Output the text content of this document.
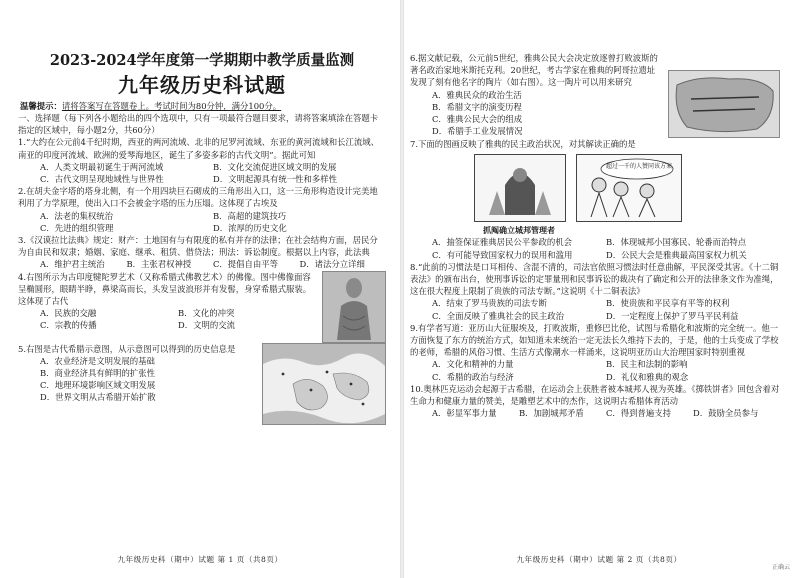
2023-2024学年度第一学期期中教学质量监测
九年级历史科试题
温馨提示：请将答案写在答题卷上。考试时间为80分钟，满分100分。
一、选择题（每下列各小题给出的四个选项中，只有一项最符合题目要求，请将答案填涂在答题卡指定的区域中，每小题2分，共60分）
1.“大约在公元前4千纪时期，西亚的两河流域、北非的尼罗河流域、东亚的黄河流域和长江流域、南亚的印度河流域、欧洲的爱琴海地区，诞生了多姿多彩的古代文明”。据此可知
A．人类文明最初诞生于两河流域	B．文化交流促进区域文明的发展
C．古代文明呈现地域性与世界性	D．文明起源具有统一性和多样性
2.在胡夫金字塔的塔身北侧，有一个用四块巨石砌成的三角形出入口，这一三角形构造设计完美地利用了力学原理，使出入口不会被金字塔的压力压塌。这体现了古埃及
A．法老的集权统治	B．高超的建筑技巧
C．先进的组织管理	D．浓厚的历史文化
3.《汉谟拉比法典》规定：财产：土地国有与有限度的私有并存的法律；在社会结构方面，居民分为自由民和奴隶；婚姻、家庭、继承、租赁、借贷法；刑法：诉讼制度。根据以上内容，此法典
A．维护君主统治	B．主张君权神授	C．提倡自由平等	D．诸法分立详细
4.右图所示为古印度犍陀罗艺术（又称希腊式佛教艺术）的佛像。图中佛像面容呈椭圆形，眼睛半睁，鼻梁高而长，头发呈波浪形并有发髻，身穿希腊式服装。这体现了古代
A．民族的交融	B．文化的冲突
C．宗教的传播	D．文明的交流
5.右图是古代希腊示意图，从示意图可以得到的历史信息是
A．农业经济是文明发展的基础
B．商业经济具有鲜明的扩张性
C．地理环境影响区域文明发展
D．世界文明从古希腊开始扩散
九年级历史科（期中）试题 第 1 页（共8页）
6.据文献记载，公元前5世纪，雅典公民大会决定放逐曾打败波斯的著名政治家地米斯托克利。20世纪，考古学家在雅典的阿哥拉遗址发现了刻有他名字的陶片（如右图）。这一陶片可以用来研究
A．雅典民众的政治生活
B．希腊文字的演变历程
C．雅典公民大会的组成
D．希腊手工业发展情况
7.下面的图画反映了雅典的民主政治状况，对其解读正确的是
超过一千的人赞同该方案
抓阄确立城邦管理者
A．抽签保证雅典居民公平参政的机会	B．体现城邦小国寡民、轮番而治特点
C．有可能导致国家权力的误用和滥用	D．公民大会是雅典最高国家权力机关
8.“此前的习惯法是口耳相传、含混不清的，司法官依照习惯法时任意曲解，平民深受其害。《十二铜表法》的颁布出台，使刑事诉讼的定罪量刑和民事诉讼的裁决有了确定和公开的法律条文作为准绳，这在很大程度上限制了贵族的司法专断。”这说明《十二铜表法》
A．结束了罗马贵族的司法专断	B．使贵族和平民享有平等的权利
C．全面反映了雅典社会的民主政治	D．一定程度上保护了罗马平民利益
9.有学者写道：亚历山大征服埃及，打败波斯，重修巴比伦，试图与希腊化和波斯的完全统一。他一方面恢复了东方的统治方式，如知道未来统治一定无法长久维持下去的，于是，他的士兵变成了学校的老师，希腊的风俗习惯、生活方式像潮水一样涌来，这说明亚历山大治理国家时特别重视
A．文化和精神的力量	B．民主和法制的影响
C．希腊的政治与经济	D．礼仪和雅典的观念
10.奥林匹克运动会起源于古希腊，在运动会上获胜者被本城邦人视为英雄。《掷铁饼者》回包含着对生命力和健康力量的赞美，是雕塑艺术中的杰作，这说明古希腊体育活动
A．彰显军事力量	B．加剧城邦矛盾	C．得到普遍支持	D．鼓励全员参与
九年级历史科（期中）试题 第 2 页（共8页）
正确云
